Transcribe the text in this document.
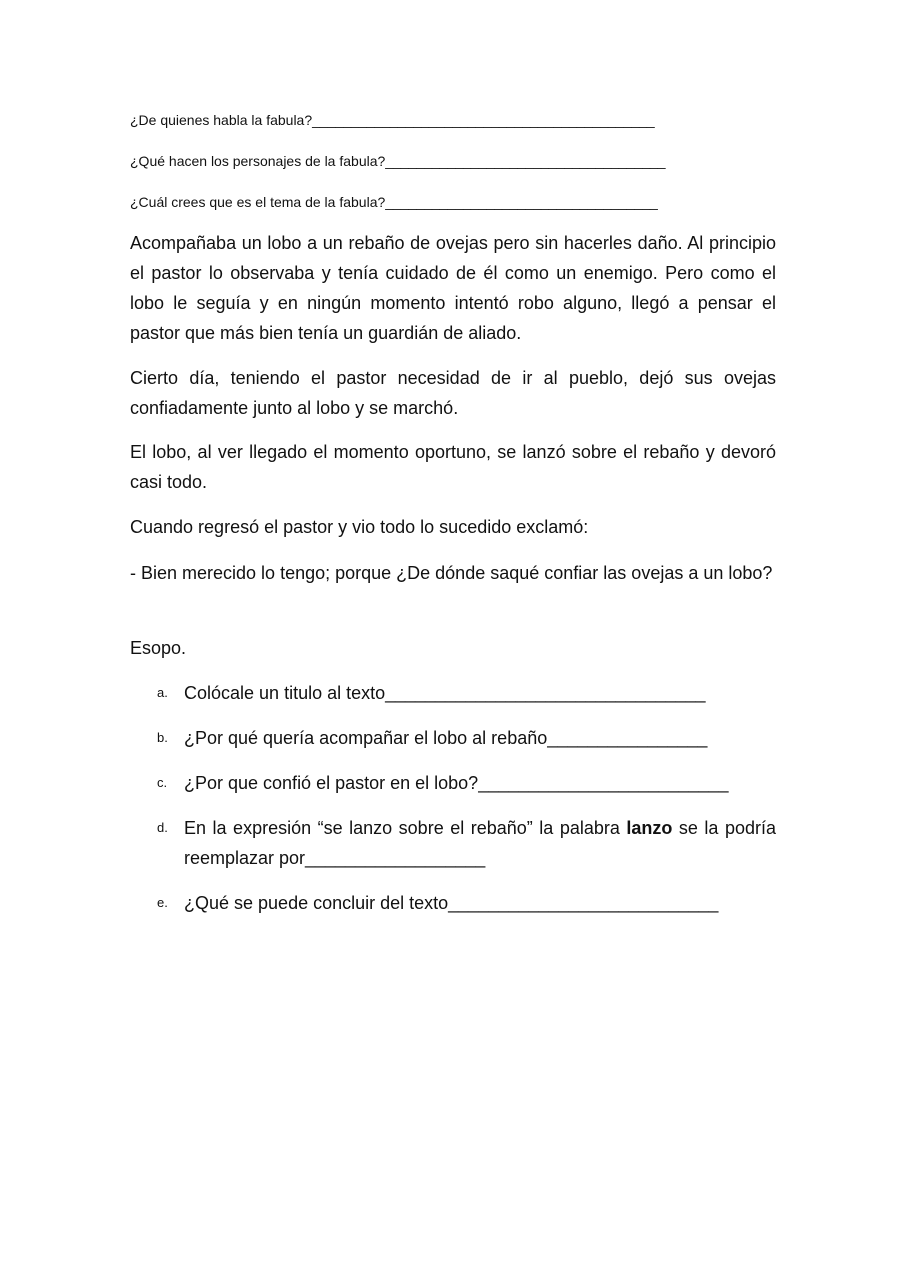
¿De quienes habla la fabula?____________________________________________
¿Qué hacen los personajes de la fabula?____________________________________
¿Cuál crees que es el tema de la fabula?___________________________________

Acompañaba un lobo a un rebaño de ovejas pero sin hacerles daño. Al principio el pastor lo observaba y tenía cuidado de él como un enemigo. Pero como el lobo le seguía y en ningún momento intentó robo alguno, llegó a pensar el pastor que más bien tenía un guardián de aliado.

Cierto día, teniendo el pastor necesidad de ir al pueblo, dejó sus ovejas confiadamente junto al lobo y se marchó.

El lobo, al ver llegado el momento oportuno, se lanzó sobre el rebaño y devoró casi todo.

Cuando regresó el pastor y vio todo lo sucedido exclamó:

- Bien merecido lo tengo; porque ¿De dónde saqué confiar las ovejas a un lobo?

Esopo.

a. Colócale un titulo al texto________________________________
b. ¿Por qué quería acompañar el lobo al rebaño________________
c. ¿Por que confió el pastor en el lobo?_________________________
d. En la expresión “se lanzo sobre el rebaño” la palabra lanzo se la podría reemplazar por__________________
e. ¿Qué se puede concluir del texto___________________________
